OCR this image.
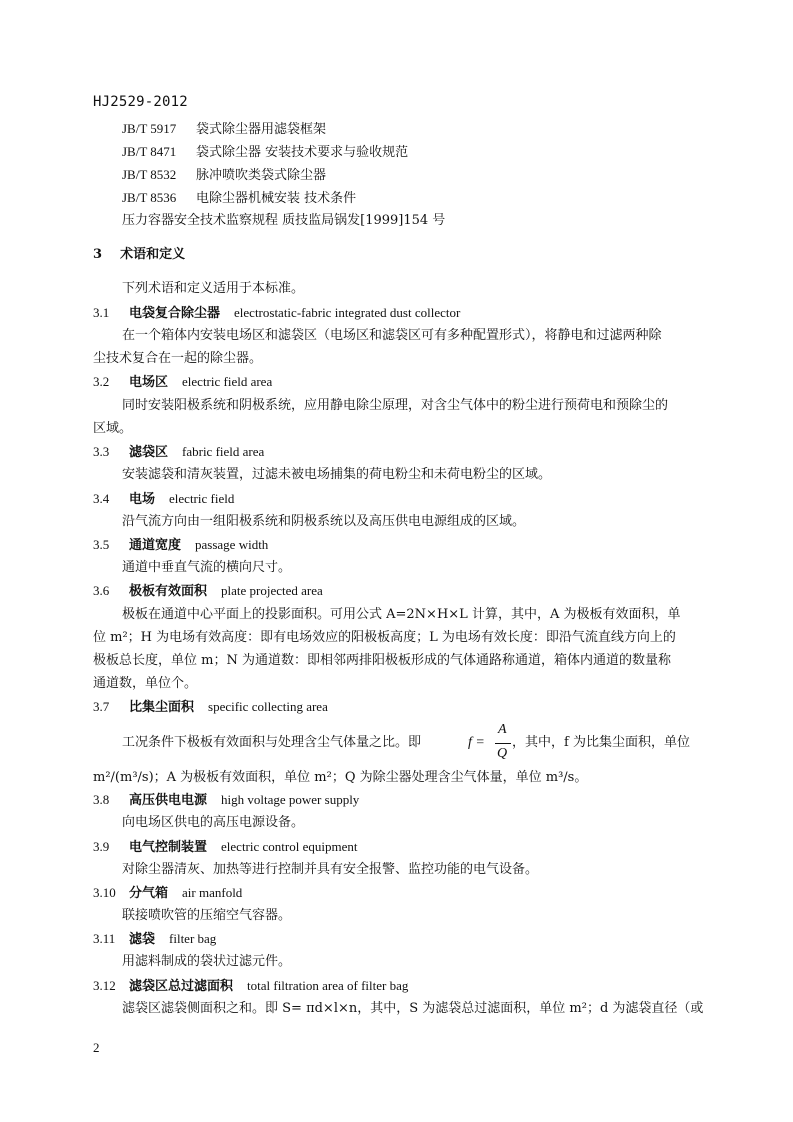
HJ2529-2012
JB/T 5917 袋式除尘器用滤袋框架
JB/T 8471 袋式除尘器 安装技术要求与验收规范
JB/T 8532 脉冲喷吹类袋式除尘器
JB/T 8536 电除尘器机械安装 技术条件
压力容器安全技术监察规程 质技监局锅发[1999]154 号
3 术语和定义
下列术语和定义适用于本标准。
3.1 电袋复合除尘器 electrostatic-fabric integrated dust collector
在一个箱体内安装电场区和滤袋区（电场区和滤袋区可有多种配置形式），将静电和过滤两种除
尘技术复合在一起的除尘器。
3.2 电场区 electric field area
同时安装阳极系统和阴极系统，应用静电除尘原理，对含尘气体中的粉尘进行预荷电和预除尘的
区域。
3.3 滤袋区 fabric field area
安装滤袋和清灰装置，过滤未被电场捕集的荷电粉尘和未荷电粉尘的区域。
3.4 电场 electric field
沿气流方向由一组阳极系统和阴极系统以及高压供电电源组成的区域。
3.5 通道宽度 passage width
通道中垂直气流的横向尺寸。
3.6 极板有效面积 plate projected area
极板在通道中心平面上的投影面积。可用公式 A=2N×H×L 计算，其中，A 为极板有效面积，单
位 m²；H 为电场有效高度：即有电场效应的阳极板高度；L 为电场有效长度：即沿气流直线方向上的
极板总长度，单位 m；N 为通道数：即相邻两排阳极板形成的气体通路称通道，箱体内通道的数量称
通道数，单位个。
3.7 比集尘面积 specific collecting area
工况条件下极板有效面积与处理含尘气体量之比。即	f =
A
Q
，其中，f 为比集尘面积，单位
m²/(m³/s)；A 为极板有效面积，单位 m²；Q 为除尘器处理含尘气体量，单位 m³/s。
3.8 高压供电电源 high voltage power supply
向电场区供电的高压电源设备。
3.9 电气控制装置 electric control equipment
对除尘器清灰、加热等进行控制并具有安全报警、监控功能的电气设备。
3.10 分气箱 air manfold
联接喷吹管的压缩空气容器。
3.11 滤袋 filter bag
用滤料制成的袋状过滤元件。
3.12 滤袋区总过滤面积 total filtration area of filter bag
滤袋区滤袋侧面积之和。即 S= πd×l×n，其中，S 为滤袋总过滤面积，单位 m²；d 为滤袋直径（或
2
